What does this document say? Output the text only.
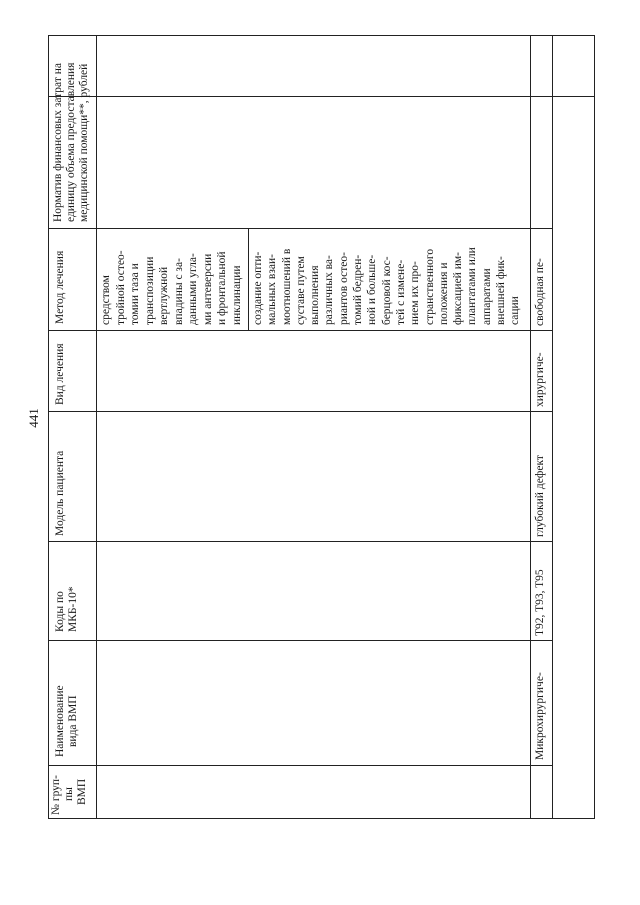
441
№ груп- пы ВМП
Наименование вида ВМП
Коды по МКБ-10*
Модель пациента
Вид лечения
Метод лечения
Норматив финансовых затрат на единицу объема предоставления медицинской помощи**, рублей
средством тройной остео- томии таза и транспозиции вертлужной впадины с за- данными угла- ми антеверсии и фронтальной инклинации создание опти- мальных взаи- моотношений в суставе путем выполнения различных ва- риантов остео- томий бедрен- ной и больше- берцовой кос- тей с измене- нием их про- странственного положения и фиксацией им- плантатами или аппаратами внешней фик- сации
Микрохирургиче-
T92, T93, T95
глубокий дефект
хирургиче-
свободная пе-
